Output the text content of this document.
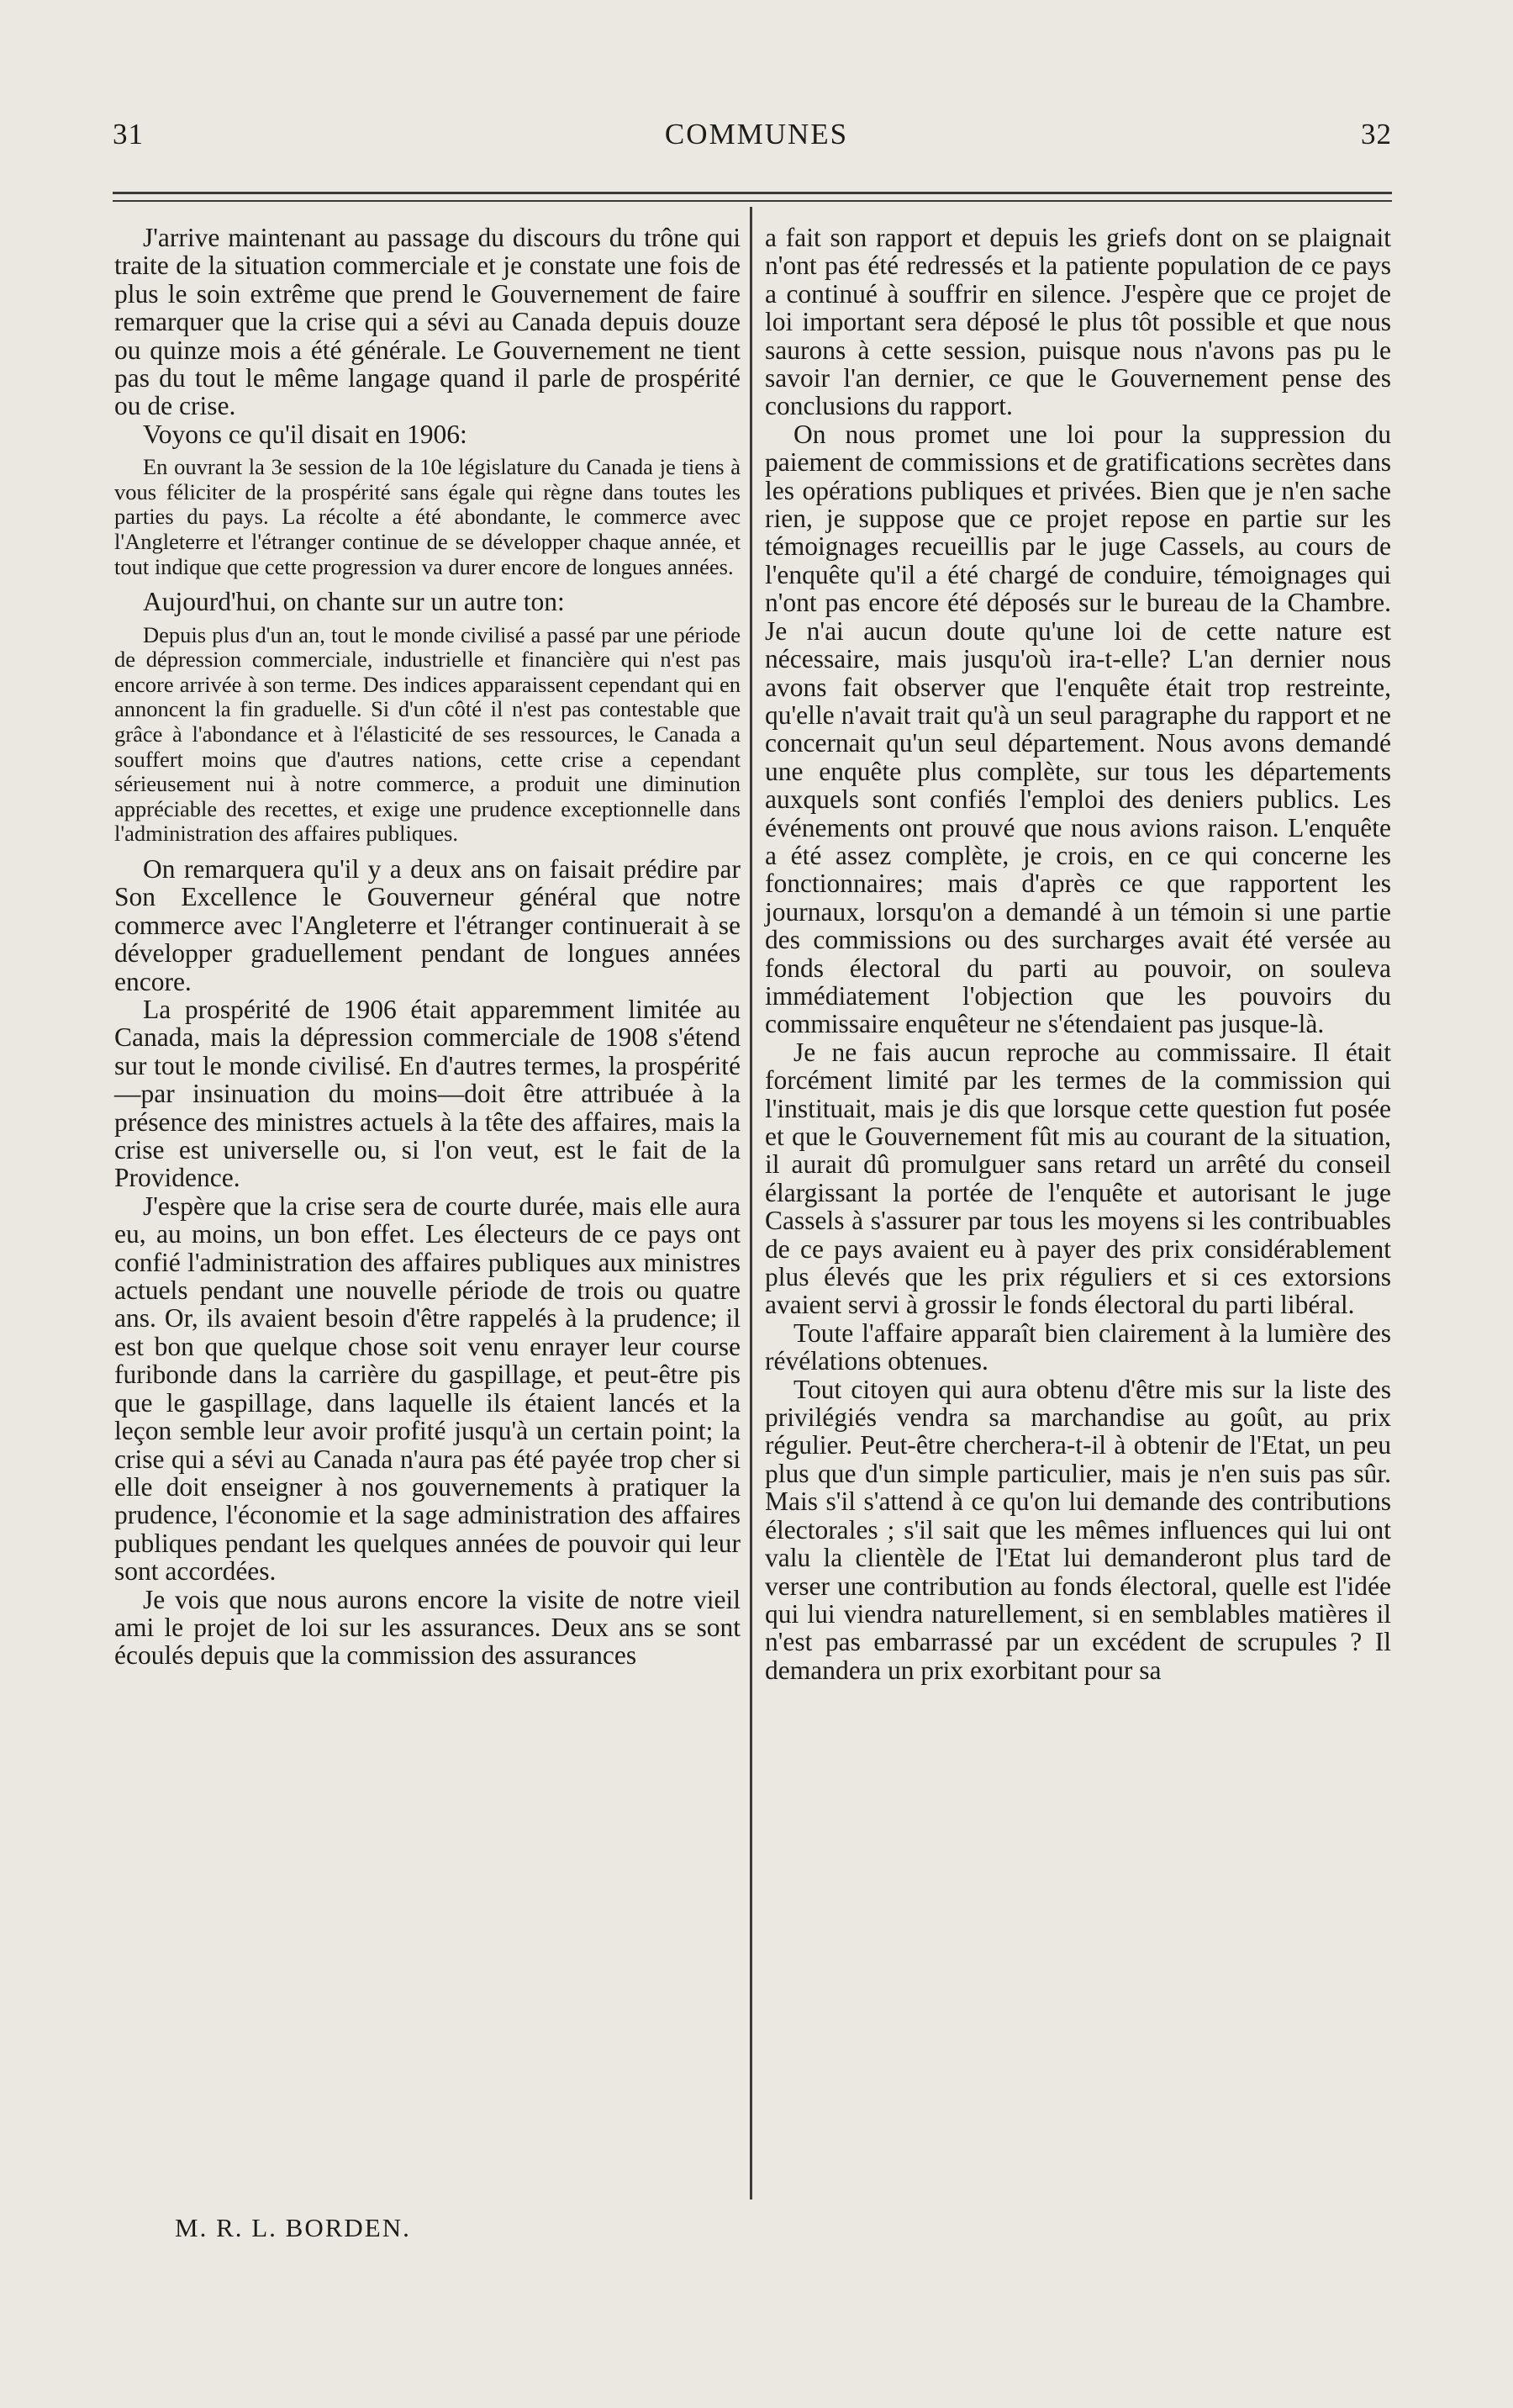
31	COMMUNES	32

J'arrive maintenant au passage du discours du trône qui traite de la situation commerciale et je constate une fois de plus le soin extrême que prend le Gouvernement de faire remarquer que la crise qui a sévi au Canada depuis douze ou quinze mois a été générale. Le Gouvernement ne tient pas du tout le même langage quand il parle de prospérité ou de crise.

Voyons ce qu'il disait en 1906:

En ouvrant la 3e session de la 10e législature du Canada je tiens à vous féliciter de la prospérité sans égale qui règne dans toutes les parties du pays. La récolte a été abondante, le commerce avec l'Angleterre et l'étranger continue de se développer chaque année, et tout indique que cette progression va durer encore de longues années.

Aujourd'hui, on chante sur un autre ton:

Depuis plus d'un an, tout le monde civilisé a passé par une période de dépression commerciale, industrielle et financière qui n'est pas encore arrivée à son terme. Des indices apparaissent cependant qui en annoncent la fin graduelle. Si d'un côté il n'est pas contestable que grâce à l'abondance et à l'élasticité de ses ressources, le Canada a souffert moins que d'autres nations, cette crise a cependant sérieusement nui à notre commerce, a produit une diminution appréciable des recettes, et exige une prudence exceptionnelle dans l'administration des affaires publiques.

On remarquera qu'il y a deux ans on faisait prédire par Son Excellence le Gouverneur général que notre commerce avec l'Angleterre et l'étranger continuerait à se développer graduellement pendant de longues années encore.

La prospérité de 1906 était apparemment limitée au Canada, mais la dépression commerciale de 1908 s'étend sur tout le monde civilisé. En d'autres termes, la prospérité —par insinuation du moins—doit être attribuée à la présence des ministres actuels à la tête des affaires, mais la crise est universelle ou, si l'on veut, est le fait de la Providence.

J'espère que la crise sera de courte durée, mais elle aura eu, au moins, un bon effet. Les électeurs de ce pays ont confié l'administration des affaires publiques aux ministres actuels pendant une nouvelle période de trois ou quatre ans. Or, ils avaient besoin d'être rappelés à la prudence; il est bon que quelque chose soit venu enrayer leur course furibonde dans la carrière du gaspillage, et peut-être pis que le gaspillage, dans laquelle ils étaient lancés et la leçon semble leur avoir profité jusqu'à un certain point; la crise qui a sévi au Canada n'aura pas été payée trop cher si elle doit enseigner à nos gouvernements à pratiquer la prudence, l'économie et la sage administration des affaires publiques pendant les quelques années de pouvoir qui leur sont accordées.

Je vois que nous aurons encore la visite de notre vieil ami le projet de loi sur les assurances. Deux ans se sont écoulés depuis que la commission des assurances

a fait son rapport et depuis les griefs dont on se plaignait n'ont pas été redressés et la patiente population de ce pays a continué à souffrir en silence. J'espère que ce projet de loi important sera déposé le plus tôt possible et que nous saurons à cette session, puisque nous n'avons pas pu le savoir l'an dernier, ce que le Gouvernement pense des conclusions du rapport.

On nous promet une loi pour la suppression du paiement de commissions et de gratifications secrètes dans les opérations publiques et privées. Bien que je n'en sache rien, je suppose que ce projet repose en partie sur les témoignages recueillis par le juge Cassels, au cours de l'enquête qu'il a été chargé de conduire, témoignages qui n'ont pas encore été déposés sur le bureau de la Chambre. Je n'ai aucun doute qu'une loi de cette nature est nécessaire, mais jusqu'où ira-t-elle? L'an dernier nous avons fait observer que l'enquête était trop restreinte, qu'elle n'avait trait qu'à un seul paragraphe du rapport et ne concernait qu'un seul département. Nous avons demandé une enquête plus complète, sur tous les départements auxquels sont confiés l'emploi des deniers publics. Les événements ont prouvé que nous avions raison. L'enquête a été assez complète, je crois, en ce qui concerne les fonctionnaires; mais d'après ce que rapportent les journaux, lorsqu'on a demandé à un témoin si une partie des commissions ou des surcharges avait été versée au fonds électoral du parti au pouvoir, on souleva immédiatement l'objection que les pouvoirs du commissaire enquêteur ne s'étendaient pas jusque-là.

Je ne fais aucun reproche au commissaire. Il était forcément limité par les termes de la commission qui l'instituait, mais je dis que lorsque cette question fut posée et que le Gouvernement fût mis au courant de la situation, il aurait dû promulguer sans retard un arrêté du conseil élargissant la portée de l'enquête et autorisant le juge Cassels à s'assurer par tous les moyens si les contribuables de ce pays avaient eu à payer des prix considérablement plus élevés que les prix réguliers et si ces extorsions avaient servi à grossir le fonds électoral du parti libéral.

Toute l'affaire apparaît bien clairement à la lumière des révélations obtenues.

Tout citoyen qui aura obtenu d'être mis sur la liste des privilégiés vendra sa marchandise au goût, au prix régulier. Peut-être cherchera-t-il à obtenir de l'Etat, un peu plus que d'un simple particulier, mais je n'en suis pas sûr. Mais s'il s'attend à ce qu'on lui demande des contributions électorales ; s'il sait que les mêmes influences qui lui ont valu la clientèle de l'Etat lui demanderont plus tard de verser une contribution au fonds électoral, quelle est l'idée qui lui viendra naturellement, si en semblables matières il n'est pas embarrassé par un excédent de scrupules ? Il demandera un prix exorbitant pour sa

M. R. L. BORDEN.
